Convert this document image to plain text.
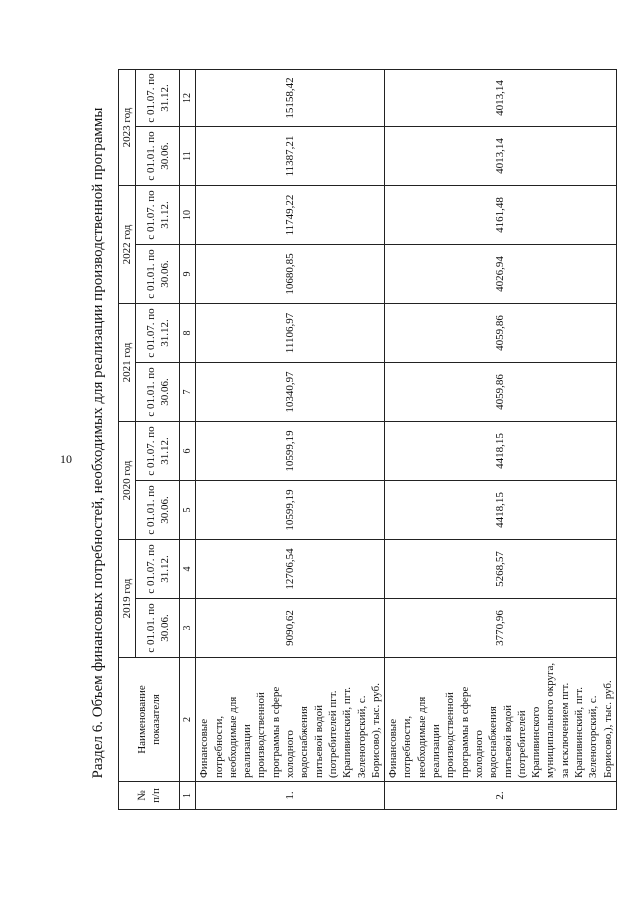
10 Раздел 6. Объем финансовых потребностей, необходимых для реализации производственной программы
№ п/п	Наименование показателя	2019 год		2020 год		2021 год		2022 год		2023 год	
		с 01.01. по 30.06.	с 01.07. по 31.12.	с 01.01. по 30.06.	с 01.07. по 31.12.	с 01.01. по 30.06.	с 01.07. по 31.12.	с 01.01. по 30.06.	с 01.07. по 31.12.	с 01.01. по 30.06.	с 01.07. по 31.12.
1	2	3	4	5	6	7	8	9	10	11	12
1.	Финансовые потребности, необходимые для реализации производственной программы в сфере холодного водоснабжения питьевой водой (потребителей пгт. Крапивинский, пгт. Зеленогорский, с. Борисово), тыс. руб.	9090,62	12706,54	10599,19	10599,19	10340,97	11106,97	10680,85	11749,22	11387,21	15158,42
2.	Финансовые потребности, необходимые для реализации производственной программы в сфере холодного водоснабжения питьевой водой (потребителей Крапивинского муниципального округа, за исключением пгт. Крапивинский, пгт. Зеленогорский, с. Борисово,), тыс. руб.	3770,96	5268,57	4418,15	4418,15	4059,86	4059,86	4026,94	4161,48	4013,14	4013,14
